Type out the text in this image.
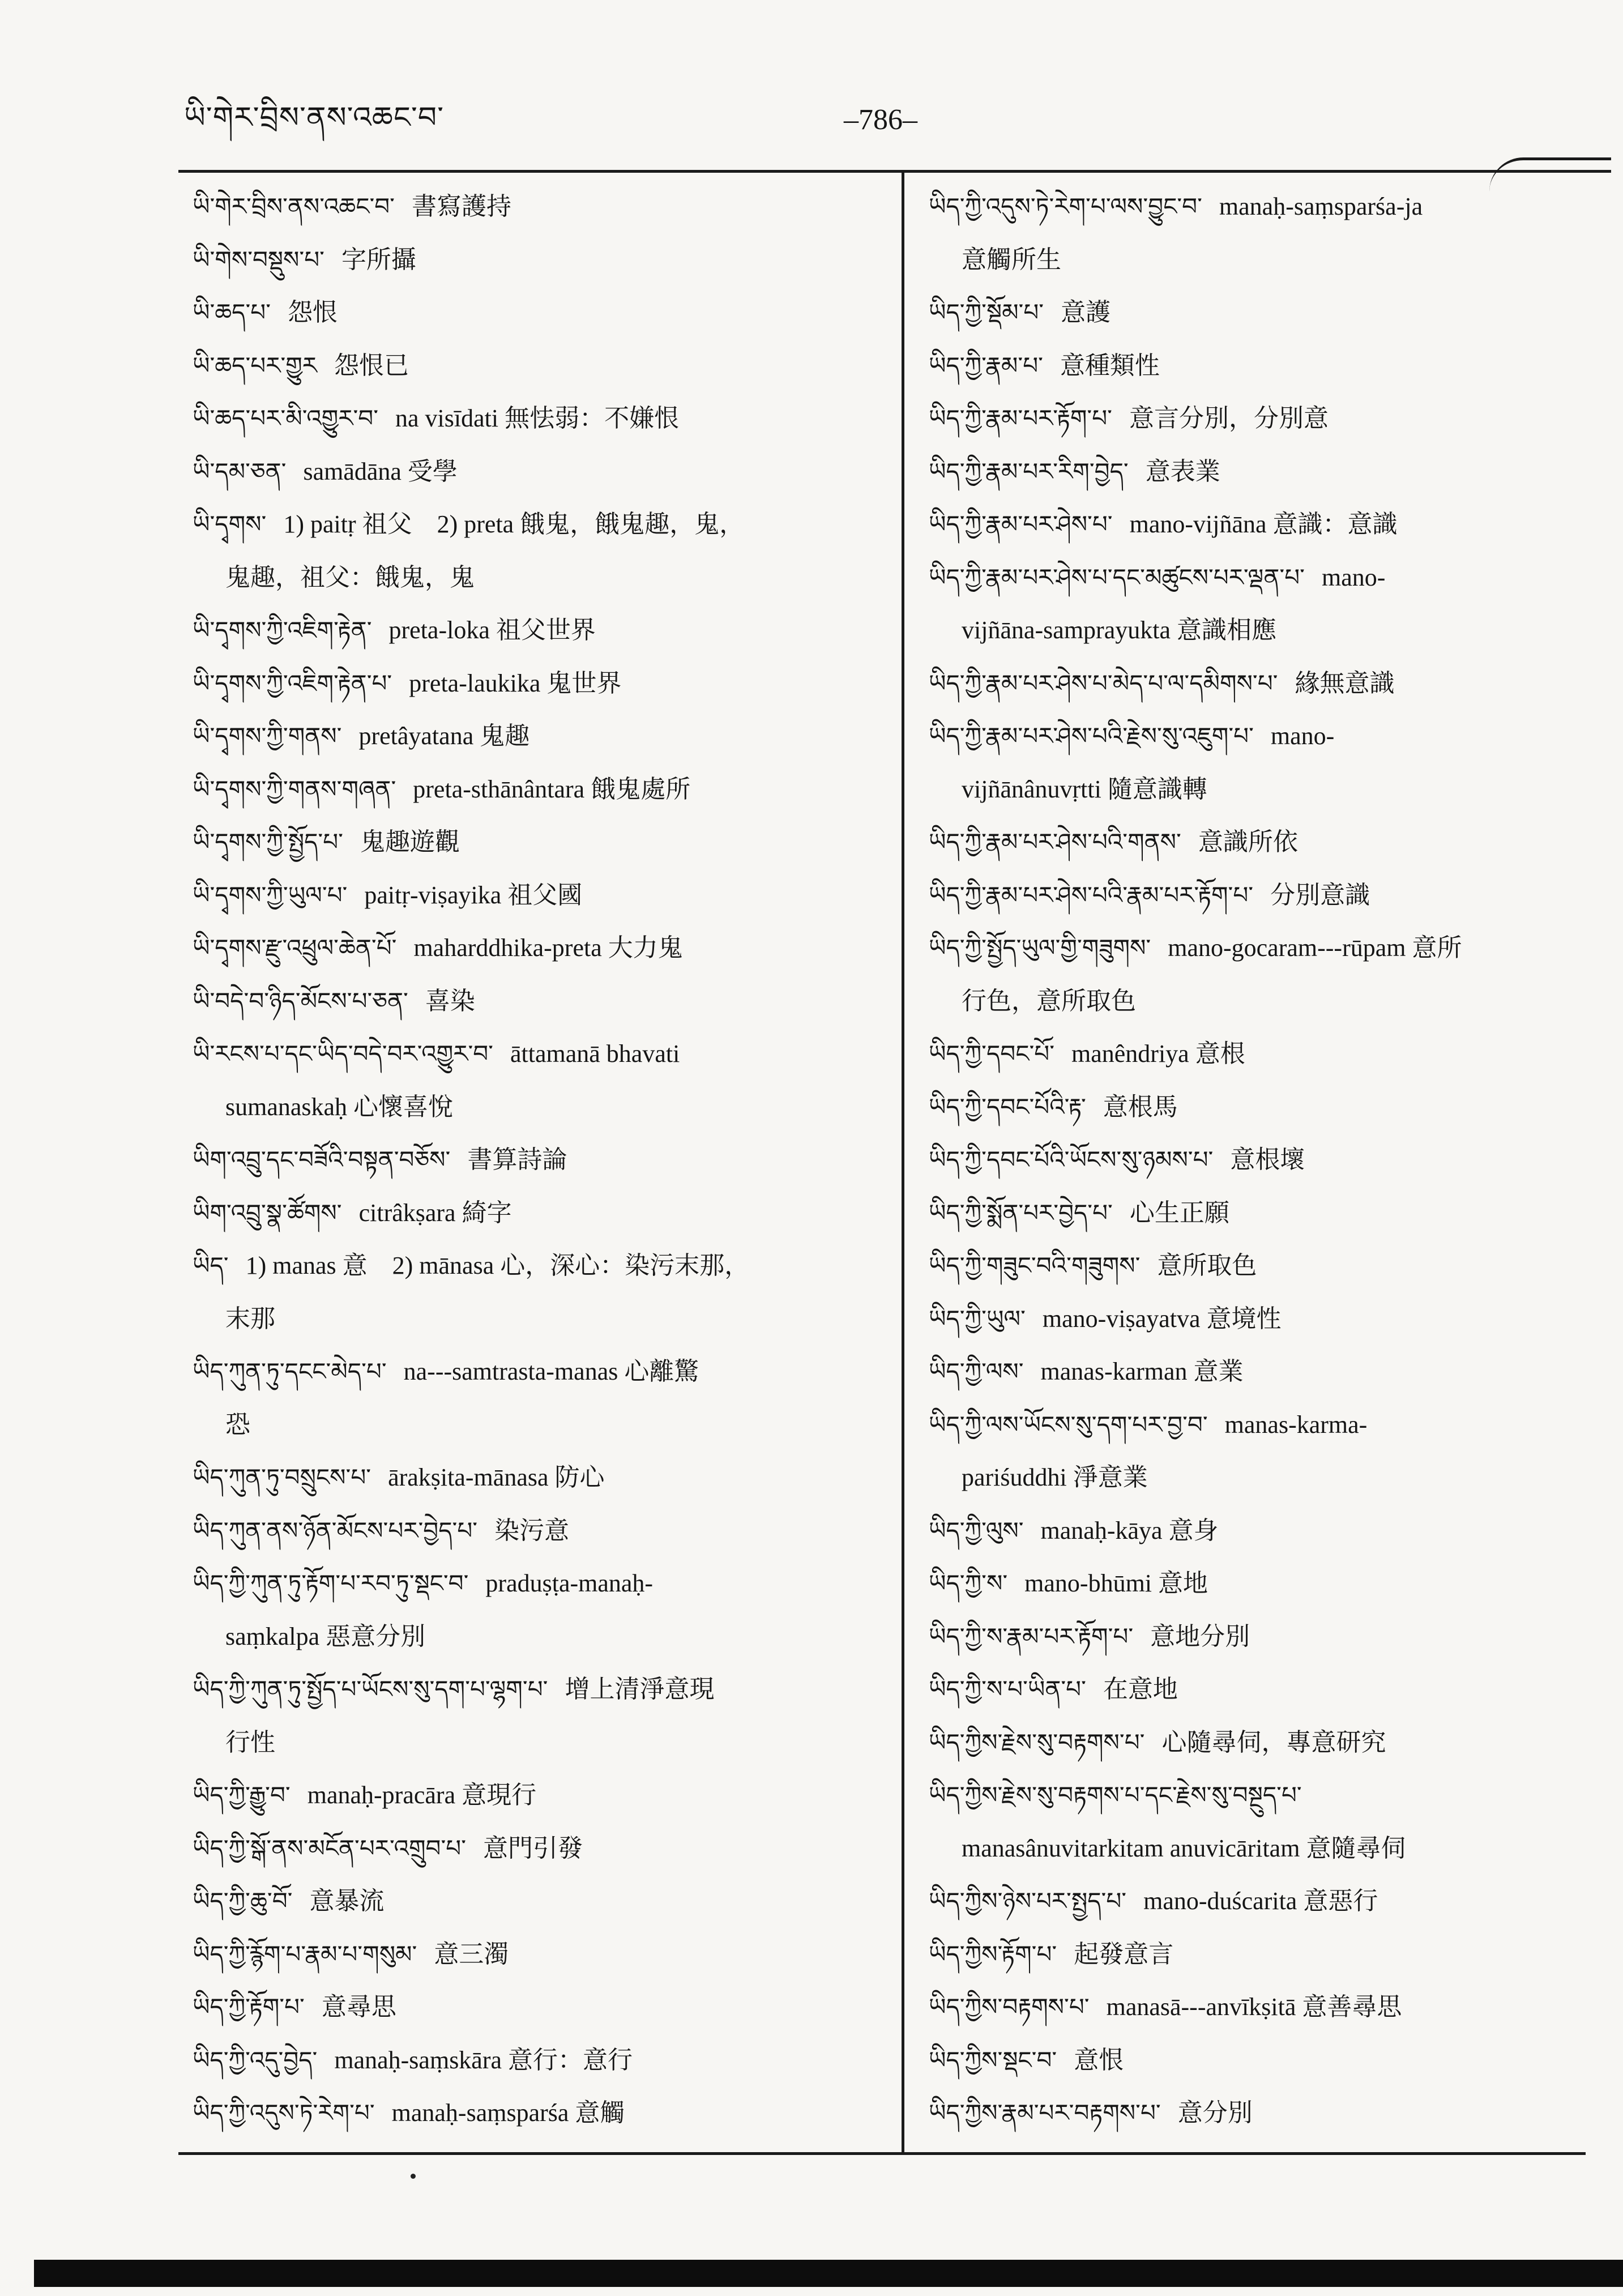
ཡི་གེར་བྲིས་ནས་འཆང་བ་	–786–
ཡི་གེར་བྲིས་ནས་འཆང་བ་ 書寫護持
ཡི་གེས་བསྡུས་པ་ 字所攝
ཡི་ཆད་པ་ 怨恨
ཡི་ཆད་པར་གྱུར 怨恨已
ཡི་ཆད་པར་མི་འགྱུར་བ་ na visīdati 無怯弱：不嫌恨
ཡི་དམ་ཅན་ samādāna 受學
ཡི་དྭགས་ 1) paitṛ 祖父　2) preta 餓鬼，餓鬼趣，鬼，
鬼趣，祖父：餓鬼，鬼
ཡི་དྭགས་ཀྱི་འཇིག་རྟེན་ preta-loka 祖父世界
ཡི་དྭགས་ཀྱི་འཇིག་རྟེན་པ་ preta-laukika 鬼世界
ཡི་དྭགས་ཀྱི་གནས་ pretâyatana 鬼趣
ཡི་དྭགས་ཀྱི་གནས་གཞན་ preta-sthānântara 餓鬼處所
ཡི་དྭགས་ཀྱི་སྤྱོད་པ་ 鬼趣遊觀
ཡི་དྭགས་ཀྱི་ཡུལ་པ་ paitṛ-viṣayika 祖父國
ཡི་དྭགས་རྫུ་འཕྲུལ་ཆེན་པོ་ maharddhika-preta 大力鬼
ཡི་བདེ་བ་ཉིད་མོངས་པ་ཅན་ 喜染
ཡི་རངས་པ་དང་ཡིད་བདེ་བར་འགྱུར་བ་ āttamanā bhavati
sumanaskaḥ 心懷喜悅
ཡིག་འབྲུ་དང་བཟོའི་བསྟན་བཅོས་ 書算詩論
ཡིག་འབྲུ་སྣ་ཚོགས་ citrâkṣara 綺字
ཡིད་ 1) manas 意　2) mānasa 心，深心：染污末那，
末那
ཡིད་ཀུན་ཏུ་དངང་མེད་པ་ na---samtrasta-manas 心離驚
恐
ཡིད་ཀུན་ཏུ་བསྲུངས་པ་ ārakṣita-mānasa 防心
ཡིད་ཀུན་ནས་ཉོན་མོངས་པར་བྱེད་པ་ 染污意
ཡིད་ཀྱི་ཀུན་ཏུ་རྟོག་པ་རབ་ཏུ་སྡང་བ་ praduṣṭa-manaḥ-
saṃkalpa 惡意分別
ཡིད་ཀྱི་ཀུན་ཏུ་སྤྱོད་པ་ཡོངས་སུ་དག་པ་ལྷག་པ་ 增上清淨意現
行性
ཡིད་ཀྱི་རྒྱུ་བ་ manaḥ-pracāra 意現行
ཡིད་ཀྱི་སྒོ་ནས་མངོན་པར་འགྲུབ་པ་ 意門引發
ཡིད་ཀྱི་ཆུ་བོ་ 意暴流
ཡིད་ཀྱི་རྙོག་པ་རྣམ་པ་གསུམ་ 意三濁
ཡིད་ཀྱི་རྟོག་པ་ 意尋思
ཡིད་ཀྱི་འདུ་བྱེད་ manaḥ-saṃskāra 意行：意行
ཡིད་ཀྱི་འདུས་ཏེ་རེག་པ་ manaḥ-saṃsparśa 意觸
ཡིད་ཀྱི་འདུས་ཏེ་རེག་པ་ལས་བྱུང་བ་ manaḥ-saṃsparśa-ja
意觸所生
ཡིད་ཀྱི་སྡོམ་པ་ 意護
ཡིད་ཀྱི་རྣམ་པ་ 意種類性
ཡིད་ཀྱི་རྣམ་པར་རྟོག་པ་ 意言分別，分別意
ཡིད་ཀྱི་རྣམ་པར་རིག་བྱེད་ 意表業
ཡིད་ཀྱི་རྣམ་པར་ཤེས་པ་ mano-vijñāna 意識：意識
ཡིད་ཀྱི་རྣམ་པར་ཤེས་པ་དང་མཚུངས་པར་ལྡན་པ་ mano-
vijñāna-samprayukta 意識相應
ཡིད་ཀྱི་རྣམ་པར་ཤེས་པ་མེད་པ་ལ་དམིགས་པ་ 緣無意識
ཡིད་ཀྱི་རྣམ་པར་ཤེས་པའི་རྗེས་སུ་འཇུག་པ་ mano-
vijñānânuvṛtti 隨意識轉
ཡིད་ཀྱི་རྣམ་པར་ཤེས་པའི་གནས་ 意識所依
ཡིད་ཀྱི་རྣམ་པར་ཤེས་པའི་རྣམ་པར་རྟོག་པ་ 分別意識
ཡིད་ཀྱི་སྤྱོད་ཡུལ་གྱི་གཟུགས་ mano-gocaram---rūpam 意所
行色，意所取色
ཡིད་ཀྱི་དབང་པོ་ manêndriya 意根
ཡིད་ཀྱི་དབང་པོའི་རྟ་ 意根馬
ཡིད་ཀྱི་དབང་པོའི་ཡོངས་སུ་ཉམས་པ་ 意根壞
ཡིད་ཀྱི་སྨོན་པར་བྱེད་པ་ 心生正願
ཡིད་ཀྱི་གཟུང་བའི་གཟུགས་ 意所取色
ཡིད་ཀྱི་ཡུལ་ mano-viṣayatva 意境性
ཡིད་ཀྱི་ལས་ manas-karman 意業
ཡིད་ཀྱི་ལས་ཡོངས་སུ་དག་པར་བྱ་བ་ manas-karma-
pariśuddhi 淨意業
ཡིད་ཀྱི་ལུས་ manaḥ-kāya 意身
ཡིད་ཀྱི་ས་ mano-bhūmi 意地
ཡིད་ཀྱི་ས་རྣམ་པར་རྟོག་པ་ 意地分別
ཡིད་ཀྱི་ས་པ་ཡིན་པ་ 在意地
ཡིད་ཀྱིས་རྗེས་སུ་བརྟགས་པ་ 心隨尋伺，專意研究
ཡིད་ཀྱིས་རྗེས་སུ་བརྟགས་པ་དང་རྗེས་སུ་བསྔུད་པ་
manasânuvitarkitam anuvicāritam 意隨尋伺
ཡིད་ཀྱིས་ཉེས་པར་སྤྱད་པ་ mano-duścarita 意惡行
ཡིད་ཀྱིས་རྟོག་པ་ 起發意言
ཡིད་ཀྱིས་བརྟགས་པ་ manasā---anvīkṣitā 意善尋思
ཡིད་ཀྱིས་སྡང་བ་ 意恨
ཡིད་ཀྱིས་རྣམ་པར་བརྟགས་པ་ 意分別
